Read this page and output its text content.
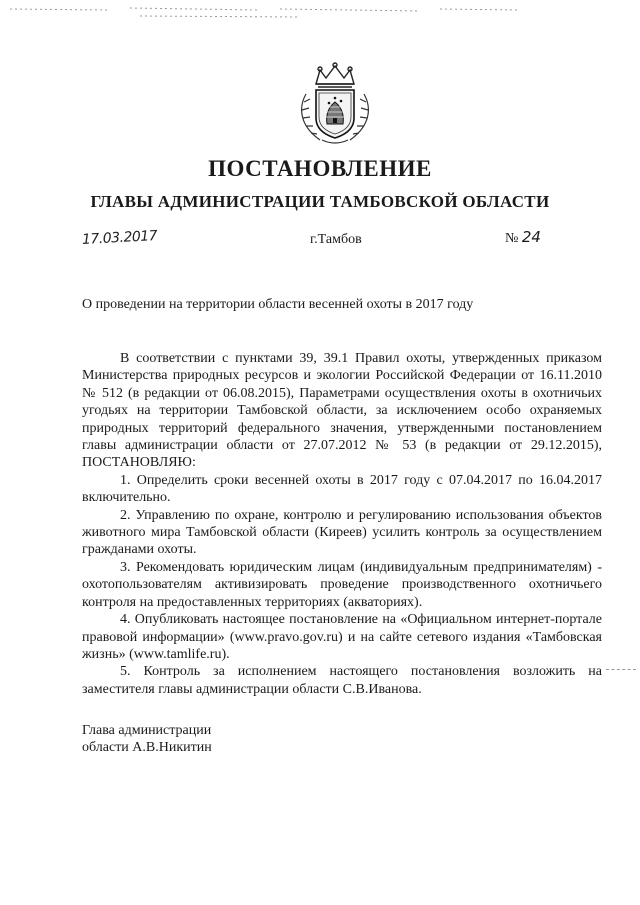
ПОСТАНОВЛЕНИЕ
ГЛАВЫ АДМИНИСТРАЦИИ ТАМБОВСКОЙ ОБЛАСТИ
17.03.2017	г.Тамбов	№ 24
О проведении на территории области весенней охоты в 2017 году

В соответствии с пунктами 39, 39.1 Правил охоты, утвержденных приказом Министерства природных ресурсов и экологии Российской Федерации от 16.11.2010 № 512 (в редакции от 06.08.2015), Параметрами осуществления охоты в охотничьих угодьях на территории Тамбовской области, за исключением особо охраняемых природных территорий федерального значения, утвержденными постановлением главы администрации области от 27.07.2012 № 53 (в редакции от 29.12.2015), ПОСТАНОВЛЯЮ:

1. Определить сроки весенней охоты в 2017 году с 07.04.2017 по 16.04.2017 включительно.

2. Управлению по охране, контролю и регулированию использования объектов животного мира Тамбовской области (Киреев) усилить контроль за осуществлением гражданами охоты.

3. Рекомендовать юридическим лицам (индивидуальным предпринимателям) - охотопользователям активизировать проведение производственного охотничьего контроля на предоставленных территориях (акваториях).

4. Опубликовать настоящее постановление на «Официальном интернет-портале правовой информации» (www.pravo.gov.ru) и на сайте сетевого издания «Тамбовская жизнь» (www.tamlife.ru).

5. Контроль за исполнением настоящего постановления возложить на заместителя главы администрации области С.В.Иванова.

Глава администрации
области А.В.Никитин
